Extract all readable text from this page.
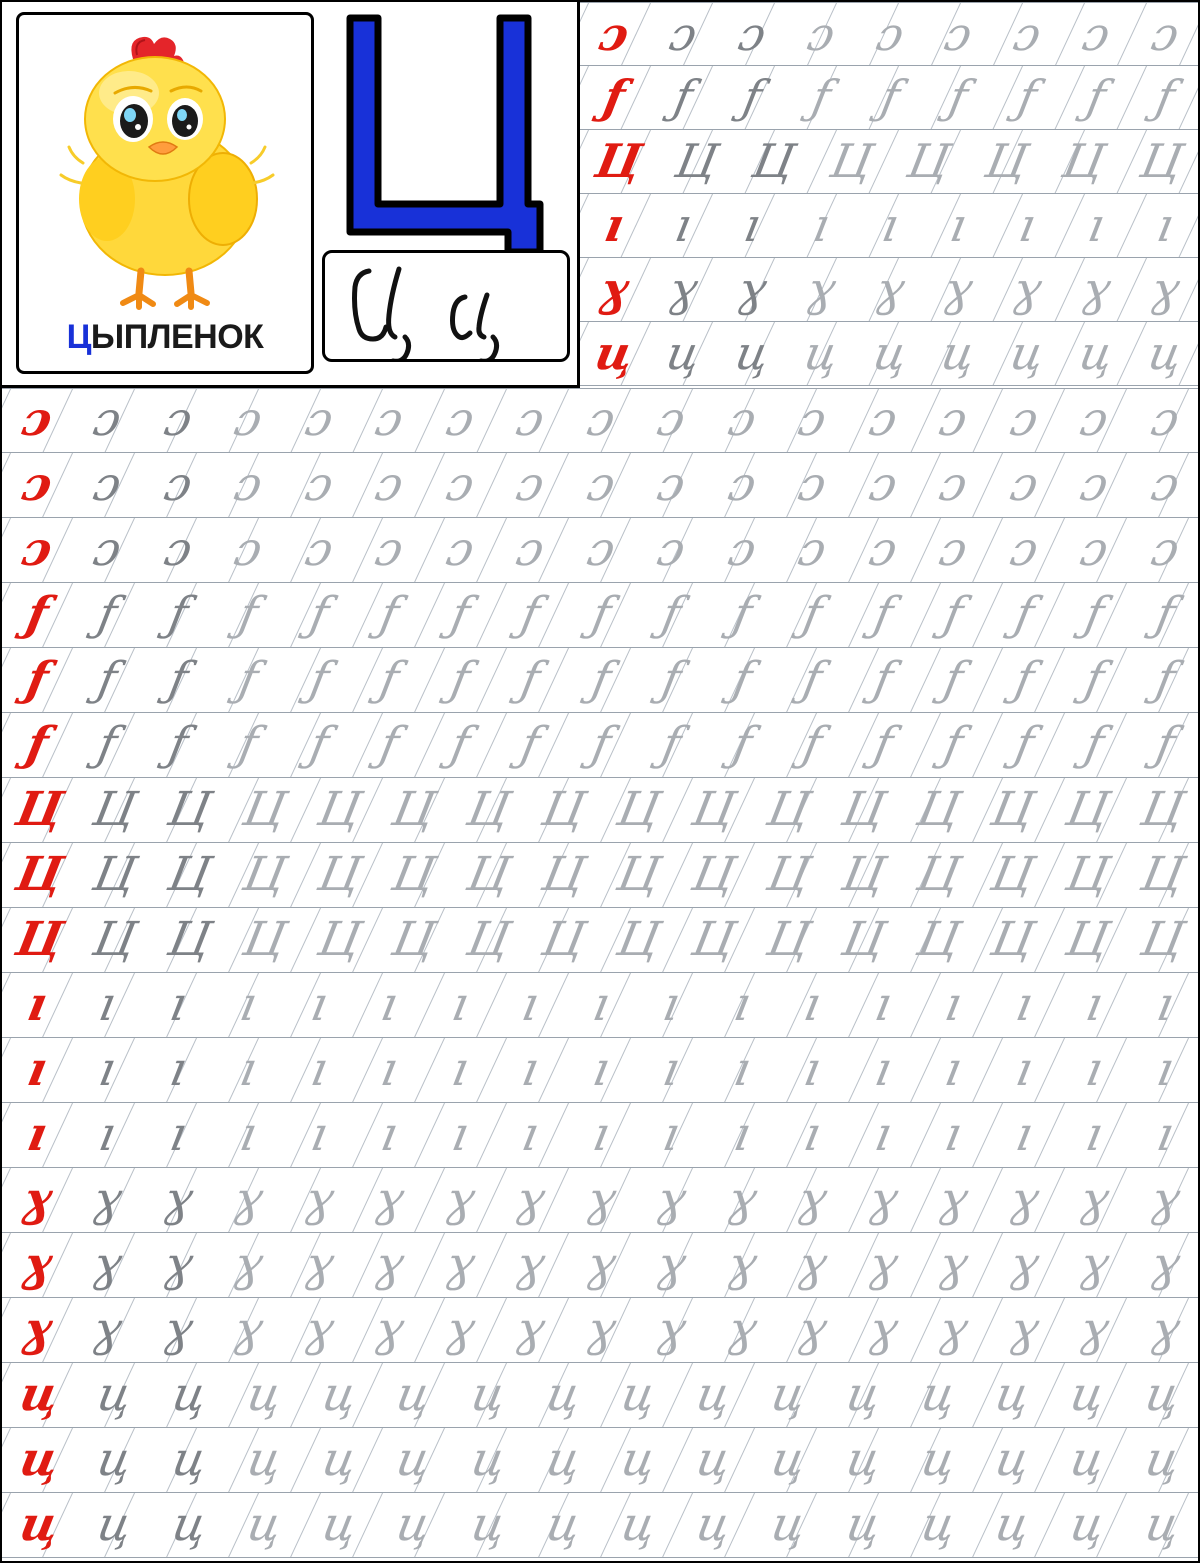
ЦЫПЛЕНОК
ɔ ɔ ɔ ɔ ɔ ɔ ɔ ɔ ɔ
ƒ ƒ ƒ ƒ ƒ ƒ ƒ ƒ ƒ
Ц Ц Ц Ц Ц Ц Ц Ц
ı ı ı ı ı ı ı ı ı
ɣ ɣ ɣ ɣ ɣ ɣ ɣ ɣ ɣ
ц ц ц ц ц ц ц ц ц
ɔ ɔ ɔ ɔ ɔ ɔ ɔ ɔ ɔ ɔ ɔ ɔ ɔ ɔ ɔ ɔ ɔ
ɔ ɔ ɔ ɔ ɔ ɔ ɔ ɔ ɔ ɔ ɔ ɔ ɔ ɔ ɔ ɔ ɔ
ɔ ɔ ɔ ɔ ɔ ɔ ɔ ɔ ɔ ɔ ɔ ɔ ɔ ɔ ɔ ɔ ɔ
ƒ ƒ ƒ ƒ ƒ ƒ ƒ ƒ ƒ ƒ ƒ ƒ ƒ ƒ ƒ ƒ ƒ
ƒ ƒ ƒ ƒ ƒ ƒ ƒ ƒ ƒ ƒ ƒ ƒ ƒ ƒ ƒ ƒ ƒ
ƒ ƒ ƒ ƒ ƒ ƒ ƒ ƒ ƒ ƒ ƒ ƒ ƒ ƒ ƒ ƒ ƒ
Ц Ц Ц Ц Ц Ц Ц Ц Ц Ц Ц Ц Ц Ц Ц Ц
Ц Ц Ц Ц Ц Ц Ц Ц Ц Ц Ц Ц Ц Ц Ц Ц
Ц Ц Ц Ц Ц Ц Ц Ц Ц Ц Ц Ц Ц Ц Ц Ц
ı ı ı ı ı ı ı ı ı ı ı ı ı ı ı ı ı
ı ı ı ı ı ı ı ı ı ı ı ı ı ı ı ı ı
ı ı ı ı ı ı ı ı ı ı ı ı ı ı ı ı ı
ɣ ɣ ɣ ɣ ɣ ɣ ɣ ɣ ɣ ɣ ɣ ɣ ɣ ɣ ɣ ɣ ɣ
ɣ ɣ ɣ ɣ ɣ ɣ ɣ ɣ ɣ ɣ ɣ ɣ ɣ ɣ ɣ ɣ ɣ
ɣ ɣ ɣ ɣ ɣ ɣ ɣ ɣ ɣ ɣ ɣ ɣ ɣ ɣ ɣ ɣ ɣ
ц ц ц ц ц ц ц ц ц ц ц ц ц ц ц ц
ц ц ц ц ц ц ц ц ц ц ц ц ц ц ц ц
ц ц ц ц ц ц ц ц ц ц ц ц ц ц ц ц
